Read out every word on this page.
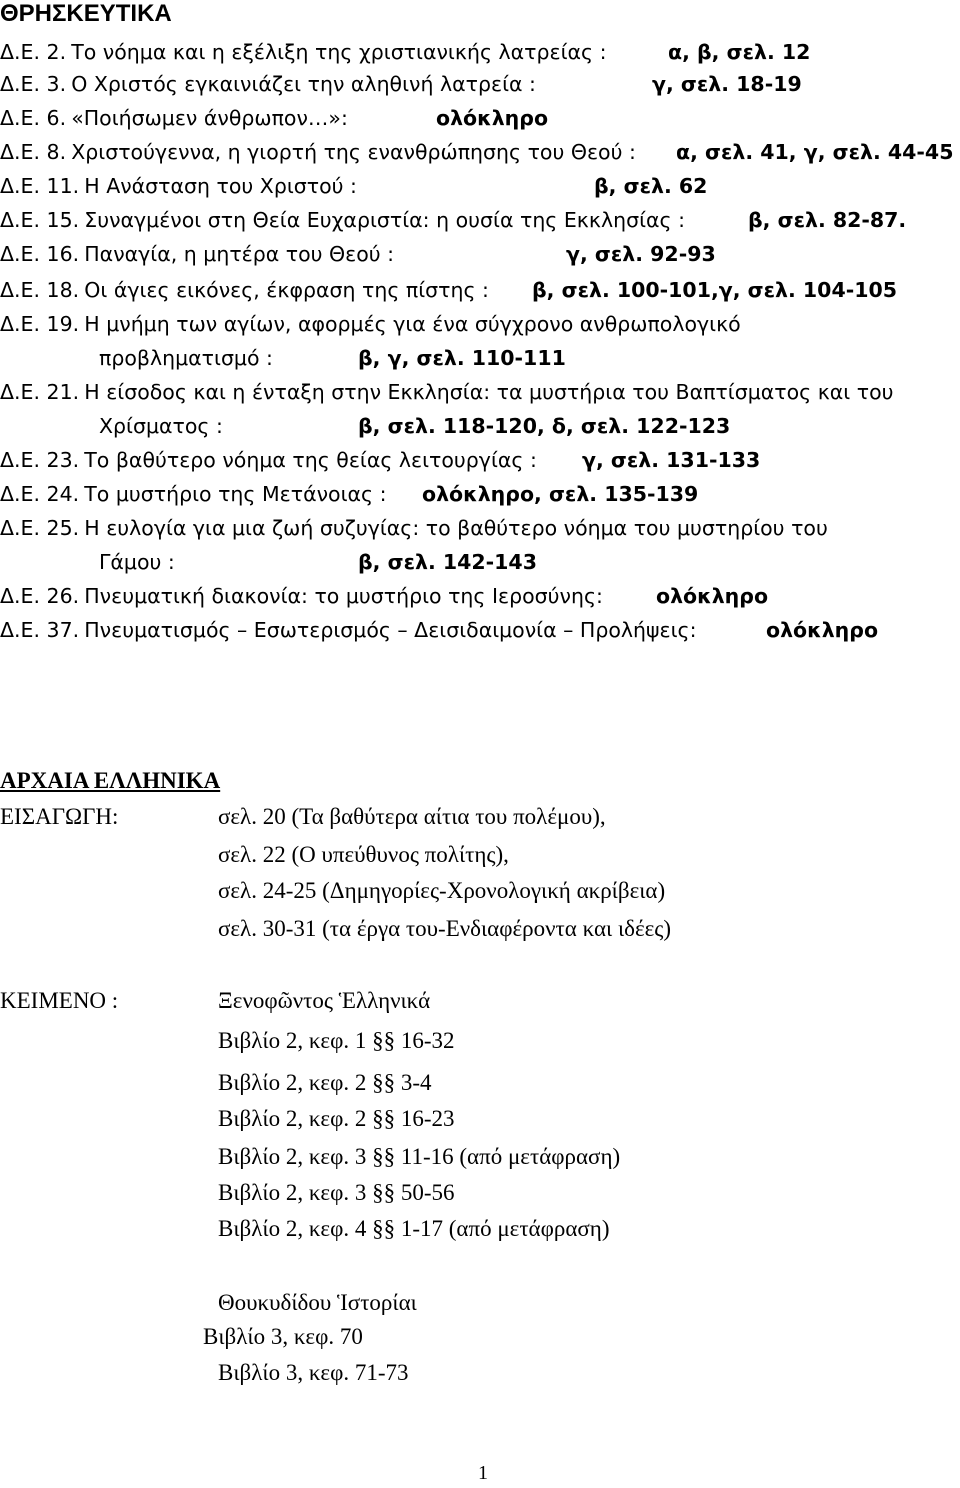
ΘΡΗΣΚΕΥΤΙΚΑ
Δ.Ε. 2. Το νόημα και η εξέλιξη της χριστιανικής λατρείας :	α, β, σελ. 12
Δ.Ε. 3. Ο Χριστός εγκαινιάζει την αληθινή λατρεία :	γ, σελ. 18-19
Δ.Ε. 6. «Ποιήσωμεν άνθρωπον…»:	ολόκληρο
Δ.Ε. 8. Χριστούγεννα, η γιορτή της ενανθρώπησης του Θεού : α, σελ. 41, γ, σελ. 44-45
Δ.Ε. 11. Η Ανάσταση του Χριστού :	β, σελ. 62
Δ.Ε. 15. Συναγμένοι στη Θεία Ευχαριστία: η ουσία της Εκκλησίας :	β, σελ. 82-87.
Δ.Ε. 16. Παναγία, η μητέρα του Θεού :	γ, σελ. 92-93
Δ.Ε. 18. Οι άγιες εικόνες, έκφραση της πίστης : β, σελ. 100-101,γ, σελ. 104-105
Δ.Ε. 19. Η μνήμη των αγίων, αφορμές για ένα σύγχρονο ανθρωπολογικό
προβληματισμό :	β, γ, σελ. 110-111
Δ.Ε. 21. Η είσοδος και η ένταξη στην Εκκλησία: τα μυστήρια του Βαπτίσματος και του
Χρίσματος :	β, σελ. 118-120, δ, σελ. 122-123
Δ.Ε. 23. Το βαθύτερο νόημα της θείας λειτουργίας : γ, σελ. 131-133
Δ.Ε. 24. Το μυστήριο της Μετάνοιας : ολόκληρο, σελ. 135-139
Δ.Ε. 25. Η ευλογία για μια ζωή συζυγίας: το βαθύτερο νόημα του μυστηρίου του
Γάμου :	β, σελ. 142-143
Δ.Ε. 26. Πνευματική διακονία: το μυστήριο της Ιεροσύνης:	ολόκληρο
Δ.Ε. 37. Πνευματισμός – Εσωτερισμός – Δεισιδαιμονία – Προλήψεις:	ολόκληρο
ΑΡΧΑΙΑ ΕΛΛΗΝΙΚΑ
ΕΙΣΑΓΩΓΗ:	σελ. 20 (Τα βαθύτερα αίτια του πολέμου),
σελ. 22 (Ο υπεύθυνος πολίτης),
σελ. 24-25 (Δημηγορίες-Χρονολογική ακρίβεια)
σελ. 30-31 (τα έργα του-Ενδιαφέροντα και ιδέες)
ΚΕΙΜΕΝΟ :	Ξενοφῶντος Ἑλληνικά
Βιβλίο 2, κεφ. 1 §§ 16-32
Βιβλίο 2, κεφ. 2 §§ 3-4
Βιβλίο 2, κεφ. 2 §§ 16-23
Βιβλίο 2, κεφ. 3 §§ 11-16 (από μετάφραση)
Βιβλίο 2, κεφ. 3 §§ 50-56
Βιβλίο 2, κεφ. 4 §§ 1-17 (από μετάφραση)
Θουκυδίδου Ἱστορίαι
Βιβλίο 3, κεφ. 70
Βιβλίο 3, κεφ. 71-73
1
